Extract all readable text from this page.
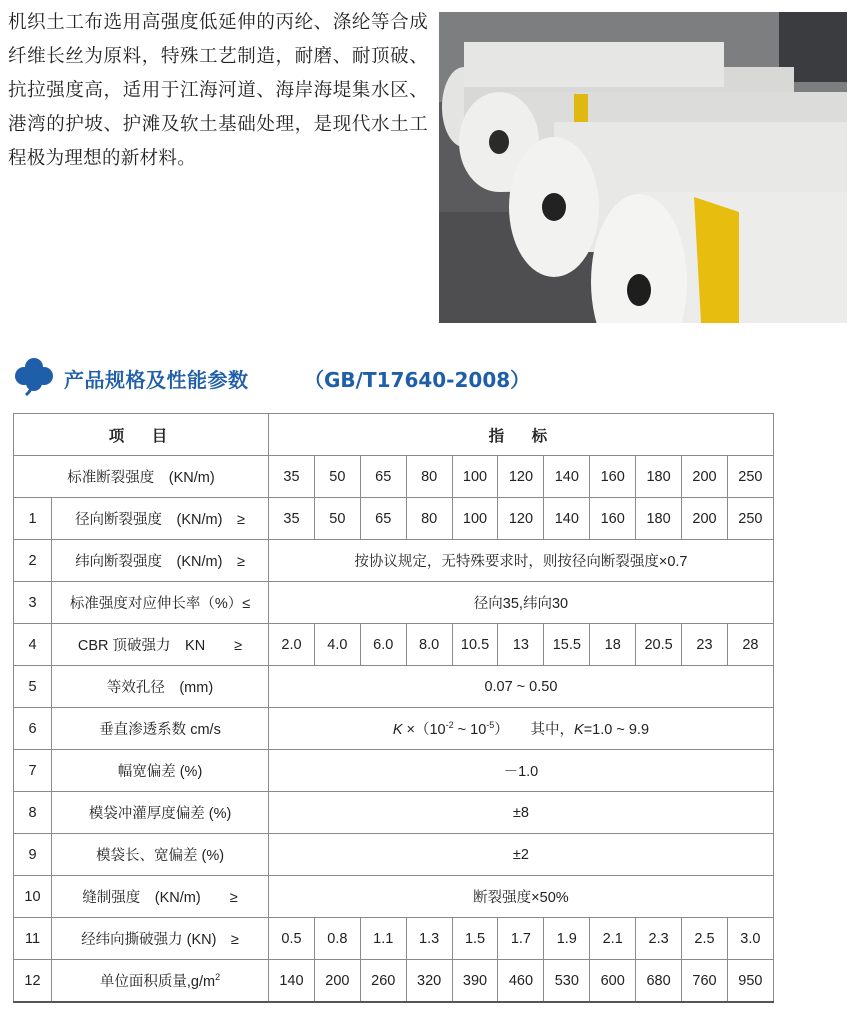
机织土工布选用高强度低延伸的丙纶、涤纶等合成纤维长丝为原料，特殊工艺制造，耐磨、耐顶破、抗拉强度高，适用于江海河道、海岸海堤集水区、港湾的护坡、护滩及软土基础处理，是现代水土工程极为理想的新材料。
产品规格及性能参数	（GB/T17640-2008）
项　目		指　标										
标准断裂强度　(KN/m)		35	50	65	80	100	120	140	160	180	200	250
1	径向断裂强度　(KN/m)　≥	35	50	65	80	100	120	140	160	180	200	250
2	纬向断裂强度　(KN/m)　≥	按协议规定，无特殊要求时，则按径向断裂强度×0.7										
3	标准强度对应伸长率（%）≤	径向35,纬向30										
4	CBR 顶破强力　KN　　≥	2.0	4.0	6.0	8.0	10.5	13	15.5	18	20.5	23	28
5	等效孔径　(mm)	0.07 ~ 0.50										
6	垂直渗透系数 cm/s	$K \times(10^{-2}$ ~ $10^{-5}$）　　其中，K=1.0 ~ 9.9										
7	幅宽偏差 (%)	－1.0										
8	模袋冲灌厚度偏差 (%)	±8										
9	模袋长、宽偏差 (%)	±2										
10	缝制强度　(KN/m)　　≥	断裂强度×50%										
11	经纬向撕破强力 (KN)　≥	0.5	0.8	1.1	1.3	1.5	1.7	1.9	2.1	2.3	2.5	3.0
12	单位面积质量$,g/m^2$	140	200	260	320	390	460	530	600	680	760	950
